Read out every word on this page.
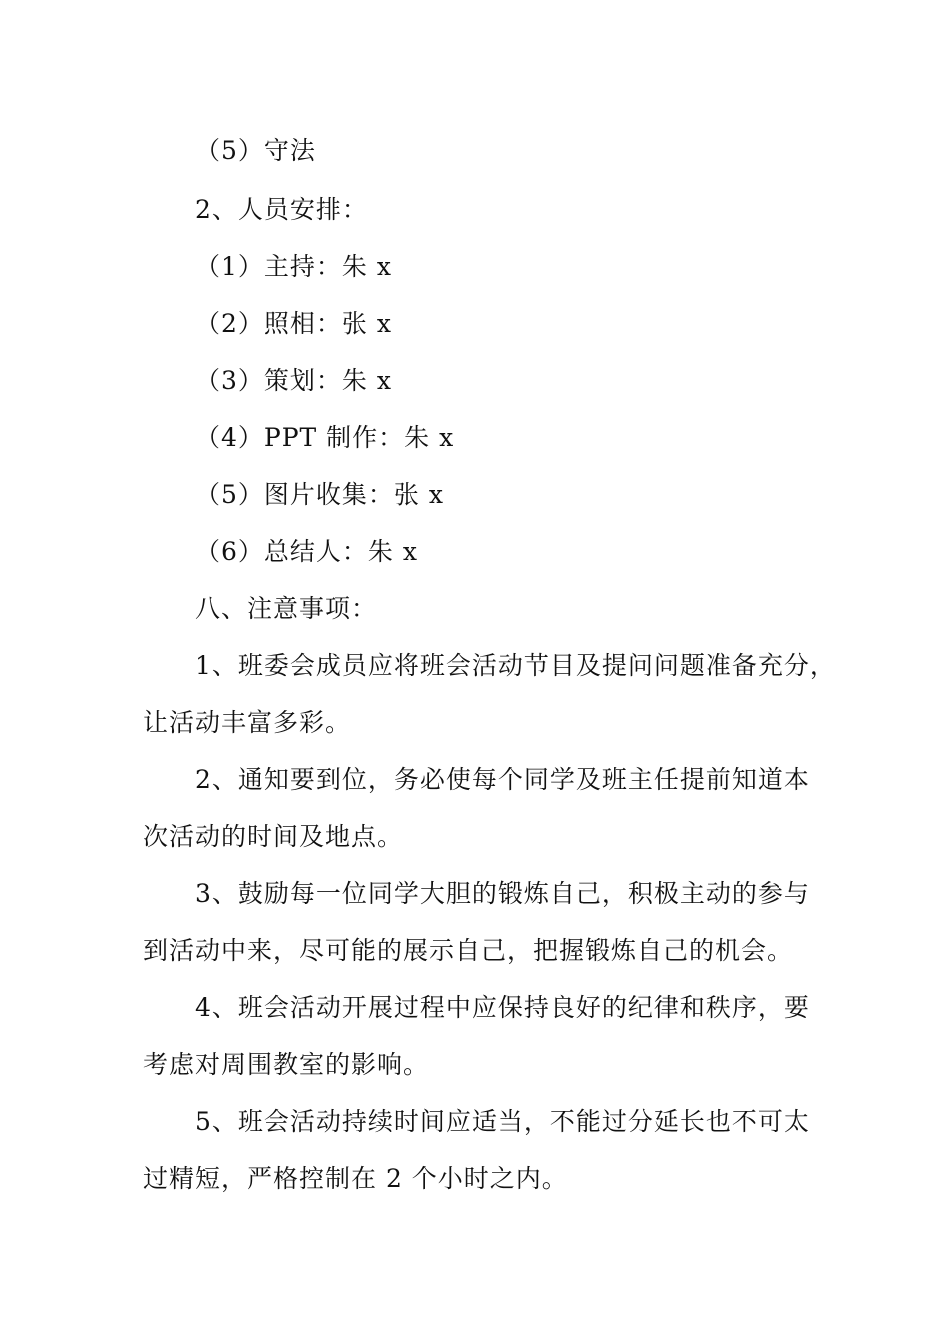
（5）守法
2、人员安排：
（1）主持：朱 x
（2）照相：张 x
（3）策划：朱 x
（4）PPT 制作：朱 x
（5）图片收集：张 x
（6）总结人：朱 x
八、注意事项：
1、班委会成员应将班会活动节目及提问问题准备充分，
让活动丰富多彩。
2、通知要到位，务必使每个同学及班主任提前知道本
次活动的时间及地点。
3、鼓励每一位同学大胆的锻炼自己，积极主动的参与
到活动中来，尽可能的展示自己，把握锻炼自己的机会。
4、班会活动开展过程中应保持良好的纪律和秩序，要
考虑对周围教室的影响。
5、班会活动持续时间应适当，不能过分延长也不可太
过精短，严格控制在 2 个小时之内。
